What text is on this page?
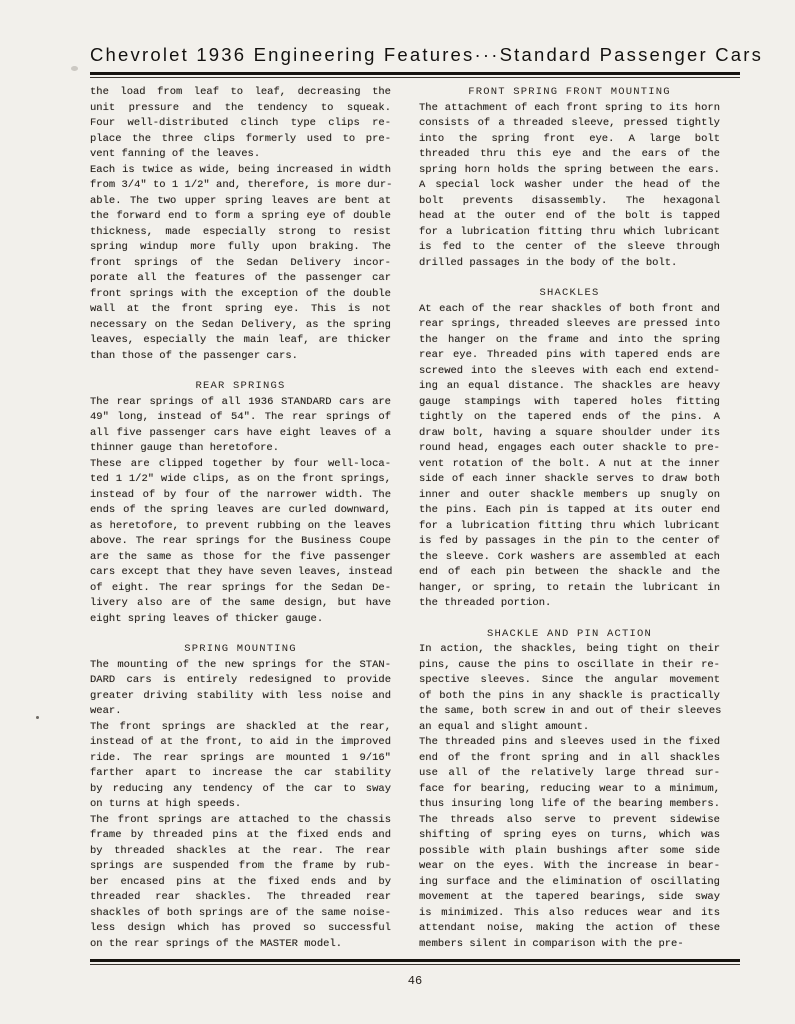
Chevrolet 1936 Engineering Features···Standard Passenger Cars
the load from leaf to leaf, decreasing the
unit pressure and the tendency to squeak.
Four well-distributed clinch type clips re-
place the three clips formerly used to pre-
vent fanning of the leaves.
Each is twice as wide, being increased in width
from 3/4" to 1 1/2" and, therefore, is more dur-
able. The two upper spring leaves are bent at
the forward end to form a spring eye of double
thickness, made especially strong to resist
spring windup more fully upon braking. The
front springs of the Sedan Delivery incor-
porate all the features of the passenger car
front springs with the exception of the double
wall at the front spring eye. This is not
necessary on the Sedan Delivery, as the spring
leaves, especially the main leaf, are thicker
than those of the passenger cars.
REAR SPRINGS
The rear springs of all 1936 STANDARD cars are
49" long, instead of 54". The rear springs of
all five passenger cars have eight leaves of a
thinner gauge than heretofore.
These are clipped together by four well-loca-
ted 1 1/2" wide clips, as on the front springs,
instead of by four of the narrower width. The
ends of the spring leaves are curled downward,
as heretofore, to prevent rubbing on the leaves
above. The rear springs for the Business Coupe
are the same as those for the five passenger
cars except that they have seven leaves, instead
of eight. The rear springs for the Sedan De-
livery also are of the same design, but have
eight spring leaves of thicker gauge.
SPRING MOUNTING
The mounting of the new springs for the STAN-
DARD cars is entirely redesigned to provide
greater driving stability with less noise and
wear.
The front springs are shackled at the rear,
instead of at the front, to aid in the improved
ride. The rear springs are mounted 1 9/16"
farther apart to increase the car stability
by reducing any tendency of the car to sway
on turns at high speeds.
The front springs are attached to the chassis
frame by threaded pins at the fixed ends and
by threaded shackles at the rear. The rear
springs are suspended from the frame by rub-
ber encased pins at the fixed ends and by
threaded rear shackles. The threaded rear
shackles of both springs are of the same noise-
less design which has proved so successful
on the rear springs of the MASTER model.
FRONT SPRING FRONT MOUNTING
The attachment of each front spring to its horn
consists of a threaded sleeve, pressed tightly
into the spring front eye. A large bolt
threaded thru this eye and the ears of the
spring horn holds the spring between the ears.
A special lock washer under the head of the
bolt prevents disassembly. The hexagonal
head at the outer end of the bolt is tapped
for a lubrication fitting thru which lubricant
is fed to the center of the sleeve through
drilled passages in the body of the bolt.
SHACKLES
At each of the rear shackles of both front and
rear springs, threaded sleeves are pressed into
the hanger on the frame and into the spring
rear eye. Threaded pins with tapered ends are
screwed into the sleeves with each end extend-
ing an equal distance. The shackles are heavy
gauge stampings with tapered holes fitting
tightly on the tapered ends of the pins. A
draw bolt, having a square shoulder under its
round head, engages each outer shackle to pre-
vent rotation of the bolt. A nut at the inner
side of each inner shackle serves to draw both
inner and outer shackle members up snugly on
the pins. Each pin is tapped at its outer end
for a lubrication fitting thru which lubricant
is fed by passages in the pin to the center of
the sleeve. Cork washers are assembled at each
end of each pin between the shackle and the
hanger, or spring, to retain the lubricant in
the threaded portion.
SHACKLE AND PIN ACTION
In action, the shackles, being tight on their
pins, cause the pins to oscillate in their re-
spective sleeves. Since the angular movement
of both the pins in any shackle is practically
the same, both screw in and out of their sleeves
an equal and slight amount.
The threaded pins and sleeves used in the fixed
end of the front spring and in all shackles
use all of the relatively large thread sur-
face for bearing, reducing wear to a minimum,
thus insuring long life of the bearing members.
The threads also serve to prevent sidewise
shifting of spring eyes on turns, which was
possible with plain bushings after some side
wear on the eyes. With the increase in bear-
ing surface and the elimination of oscillating
movement at the tapered bearings, side sway
is minimized. This also reduces wear and its
attendant noise, making the action of these
members silent in comparison with the pre-
46
